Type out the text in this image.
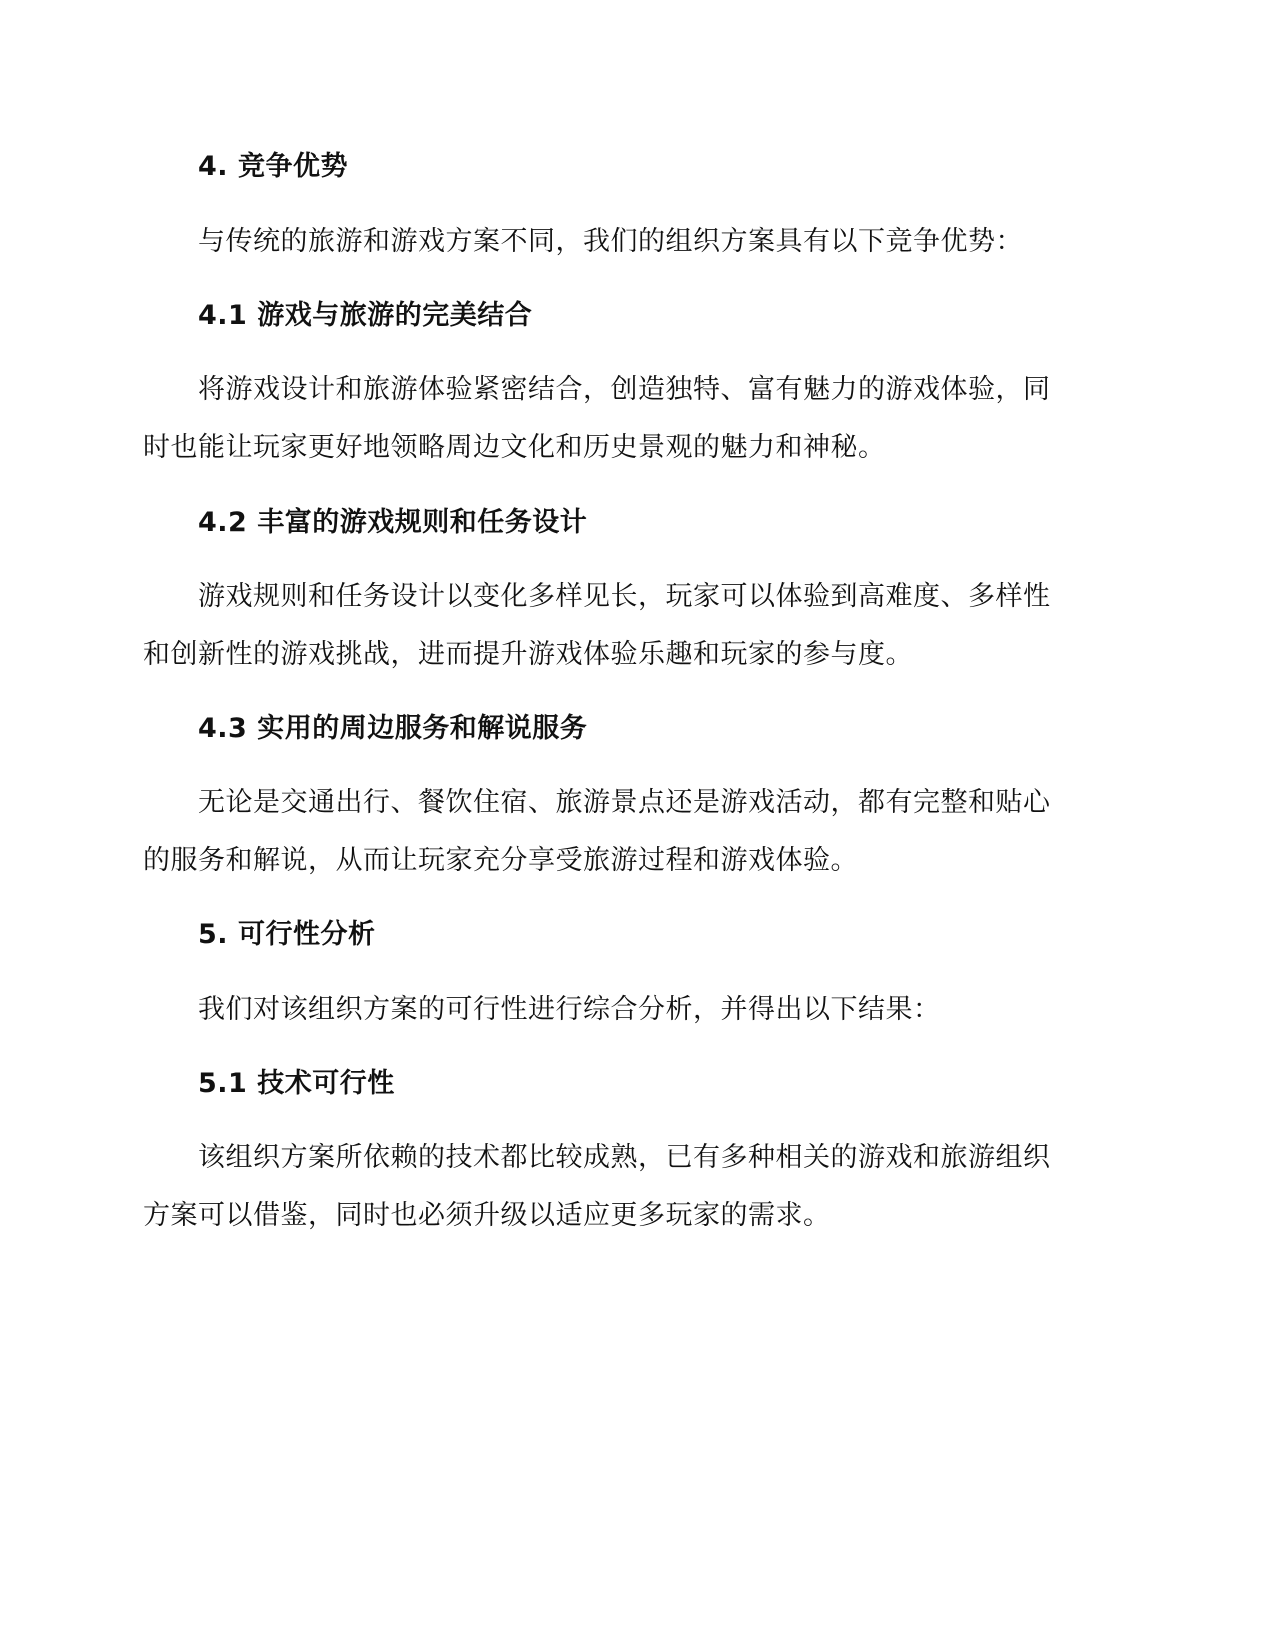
4. 竞争优势
与传统的旅游和游戏方案不同，我们的组织方案具有以下竞争优势：
4.1 游戏与旅游的完美结合
将游戏设计和旅游体验紧密结合，创造独特、富有魅力的游戏体验，同
时也能让玩家更好地领略周边文化和历史景观的魅力和神秘。
4.2 丰富的游戏规则和任务设计
游戏规则和任务设计以变化多样见长，玩家可以体验到高难度、多样性
和创新性的游戏挑战，进而提升游戏体验乐趣和玩家的参与度。
4.3 实用的周边服务和解说服务
无论是交通出行、餐饮住宿、旅游景点还是游戏活动，都有完整和贴心
的服务和解说，从而让玩家充分享受旅游过程和游戏体验。
5. 可行性分析
我们对该组织方案的可行性进行综合分析，并得出以下结果：
5.1 技术可行性
该组织方案所依赖的技术都比较成熟，已有多种相关的游戏和旅游组织
方案可以借鉴，同时也必须升级以适应更多玩家的需求。
